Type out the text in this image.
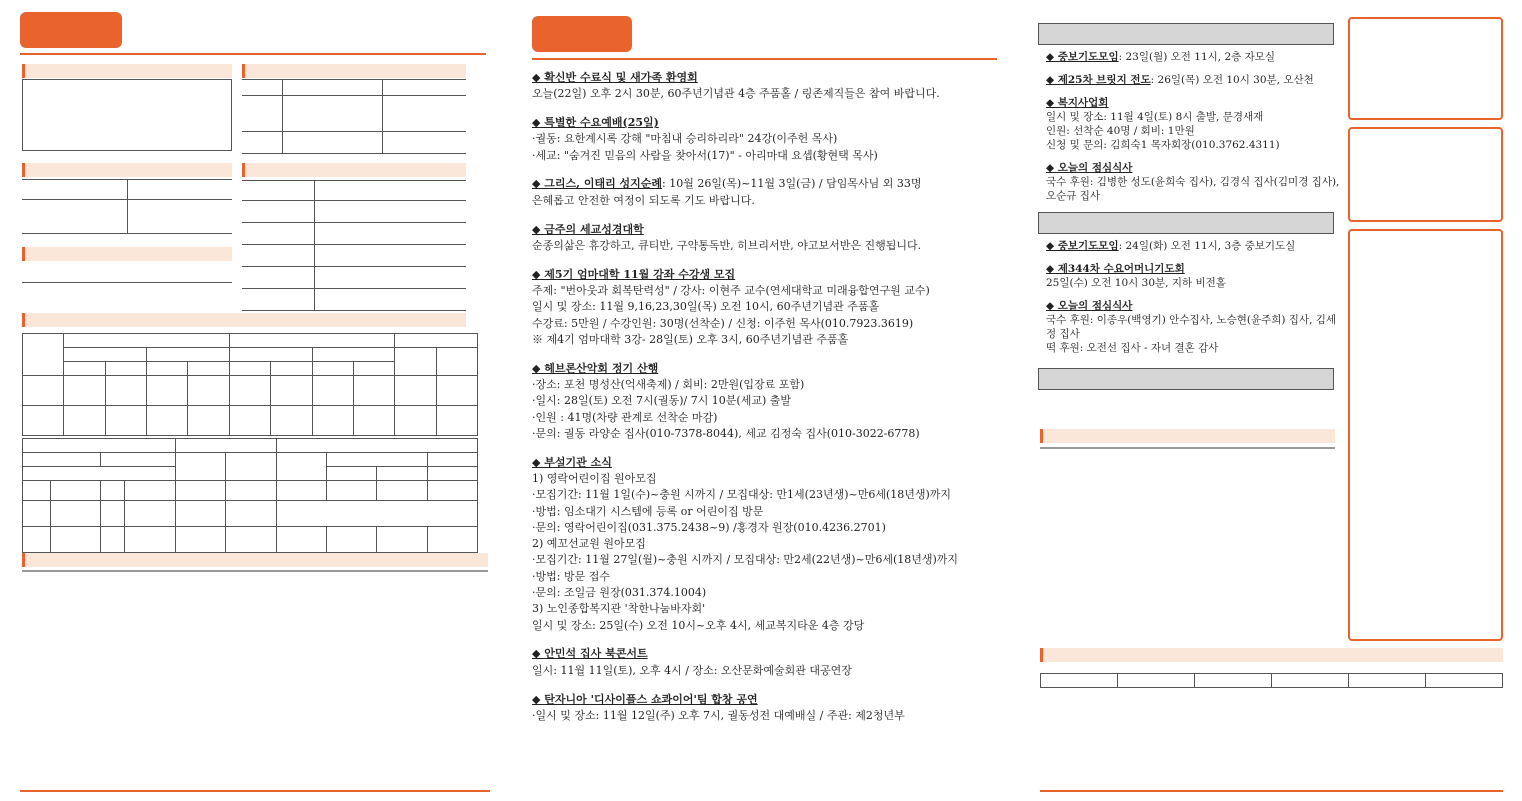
◆ 확신반 수료식 및 새가족 환영회
오늘(22일) 오후 2시 30분, 60주년기념관 4층 주품홀 / 링존제직들은 참여 바랍니다.
◆ 특별한 수요예배(25일)
·궐동: 요한계시록 강해 "마침내 승리하리라" 24강(이주헌 목사)
·세교: "숨겨진 믿음의 사람을 찾아서(17)" - 아리마대 요셉(황현택 목사)
◆ 그리스, 이태리 성지순례: 10월 26일(목)~11월 3일(금) / 담임목사님 외 33명
은혜롭고 안전한 여정이 되도록 기도 바랍니다.
◆ 금주의 세교성경대학
순종의삶은 휴강하고, 큐티반, 구약통독반, 히브리서반, 야고보서반은 진행됩니다.
◆ 제5기 엄마대학 11월 강좌 수강생 모집
주제: "번아웃과 회복탄력성" / 강사: 이현주 교수(연세대학교 미래융합연구원 교수)
일시 및 장소: 11월 9,16,23,30일(목) 오전 10시, 60주년기념관 주품홀
수강료: 5만원 / 수강인원: 30명(선착순) / 신청: 이주헌 목사(010.7923.3619)
※ 제4기 엄마대학 3강- 28일(토) 오후 3시, 60주년기념관 주품홀
◆ 헤브론산악회 정기 산행
·장소: 포천 명성산(억새축제) / 회비: 2만원(입장료 포함)
·일시: 28일(토) 오전 7시(궐동)/ 7시 10분(세교) 출발
·인원 : 41명(차량 관계로 선착순 마감)
·문의: 궐동 라양순 집사(010-7378-8044), 세교 김정숙 집사(010-3022-6778)
◆ 부설기관 소식
1) 영락어린이집 원아모집
·모집기간: 11월 1일(수)~충원 시까지 / 모집대상: 만1세(23년생)~만6세(18년생)까지
·방법: 임소대기 시스템에 등록 or 어린이집 방문
·문의: 영락어린이집(031.375.2438~9) /홍경자 원장(010.4236.2701)
2) 예꼬선교원 원아모집
·모집기간: 11월 27일(월)~충원 시까지 / 모집대상: 만2세(22년생)~만6세(18년생)까지
·방법: 방문 접수
·문의: 조일금 원장(031.374.1004)
3) 노인종합복지관 '착한나눔바자회'
일시 및 장소: 25일(수) 오전 10시~오후 4시, 세교복지타운 4층 강당
◆ 안민석 집사 북콘서트
일시: 11월 11일(토), 오후 4시 / 장소: 오산문화예술회관 대공연장
◆ 탄자니아 '디사이플스 쇼콰이어'팀 합창 공연
·일시 및 장소: 11월 12일(주) 오후 7시, 궐동성전 대예배실 / 주관: 제2청년부
◆ 중보기도모임: 23일(월) 오전 11시, 2층 자모실
◆ 제25차 브릿지 전도: 26일(목) 오전 10시 30분, 오산천
◆ 복지사업회
일시 및 장소: 11월 4일(토) 8시 출발, 문경새재
인원: 선착순 40명 / 회비: 1만원
신청 및 문의: 김희숙1 목자회장(010.3762.4311)
◆ 오늘의 점심식사
국수 후원: 김병한 성도(윤희숙 집사), 김경식 집사(김미경 집사),
오순규 집사
◆ 중보기도모임: 24일(화) 오전 11시, 3층 중보기도실
◆ 제344차 수요어머니기도회
25일(수) 오전 10시 30분, 지하 비전홀
◆ 오늘의 점심식사
국수 후원: 이종우(백영기) 안수집사, 노승현(윤주희) 집사, 김세
정 집사
떡 후원: 오전선 집사 - 자녀 결혼 감사
